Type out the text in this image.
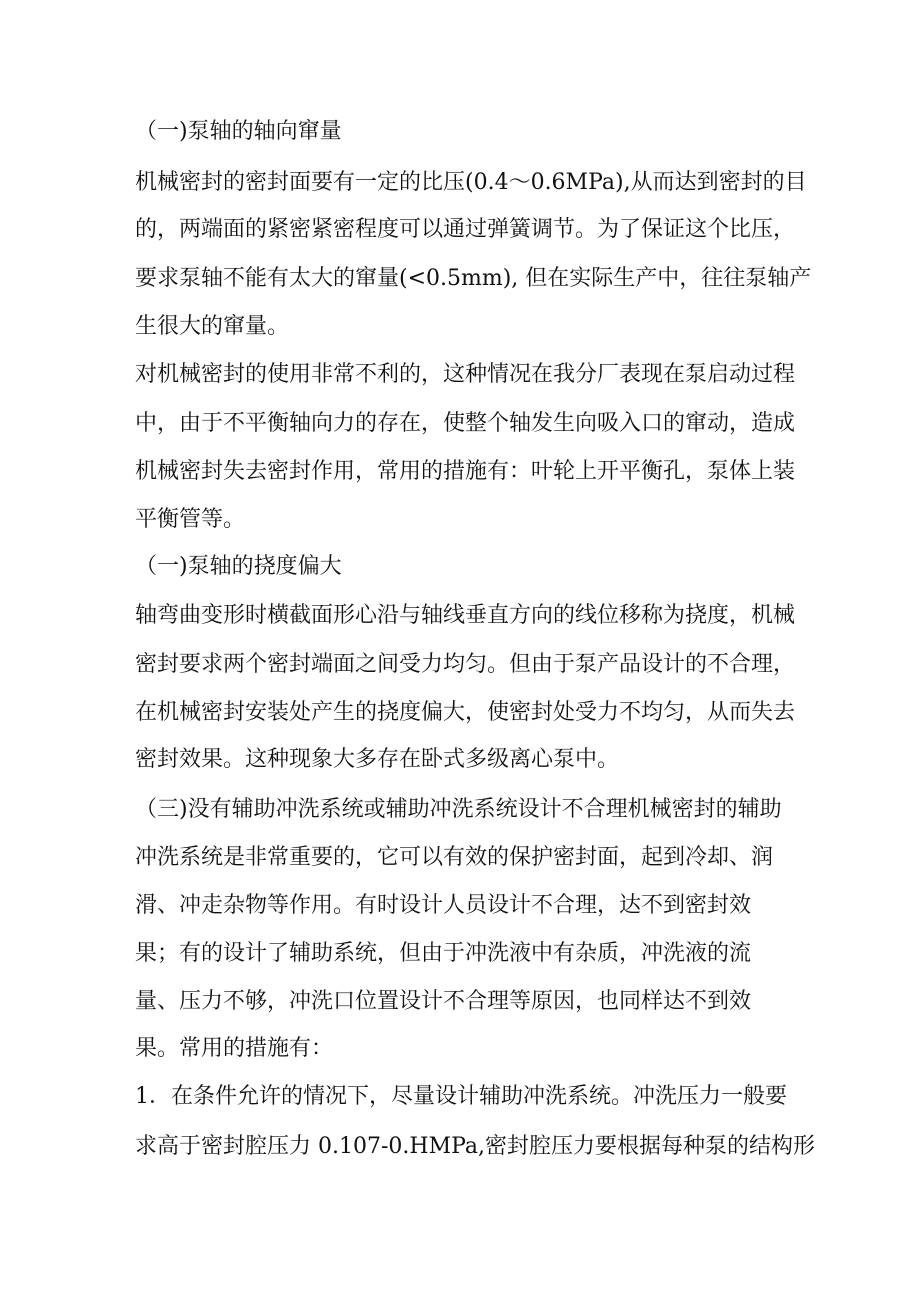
（一)泵轴的轴向窜量
机械密封的密封面要有一定的比压(0.4～0.6MPa),从而达到密封的目
的，两端面的紧密紧密程度可以通过弹簧调节。为了保证这个比压，
要求泵轴不能有太大的窜量(<0.5mm), 但在实际生产中，往往泵轴产
生很大的窜量。
对机械密封的使用非常不利的，这种情况在我分厂表现在泵启动过程
中，由于不平衡轴向力的存在，使整个轴发生向吸入口的窜动，造成
机械密封失去密封作用，常用的措施有：叶轮上开平衡孔，泵体上装
平衡管等。
（一)泵轴的挠度偏大
轴弯曲变形时横截面形心沿与轴线垂直方向的线位移称为挠度，机械
密封要求两个密封端面之间受力均匀。但由于泵产品设计的不合理，
在机械密封安装处产生的挠度偏大，使密封处受力不均匀，从而失去
密封效果。这种现象大多存在卧式多级离心泵中。
（三)没有辅助冲洗系统或辅助冲洗系统设计不合理机械密封的辅助
冲洗系统是非常重要的，它可以有效的保护密封面，起到冷却、润
滑、冲走杂物等作用。有时设计人员设计不合理，达不到密封效
果；有的设计了辅助系统，但由于冲洗液中有杂质，冲洗液的流
量、压力不够，冲洗口位置设计不合理等原因，也同样达不到效
果。常用的措施有：
1．在条件允许的情况下，尽量设计辅助冲洗系统。冲洗压力一般要
求高于密封腔压力 0.107-0.HMPa,密封腔压力要根据每种泵的结构形
